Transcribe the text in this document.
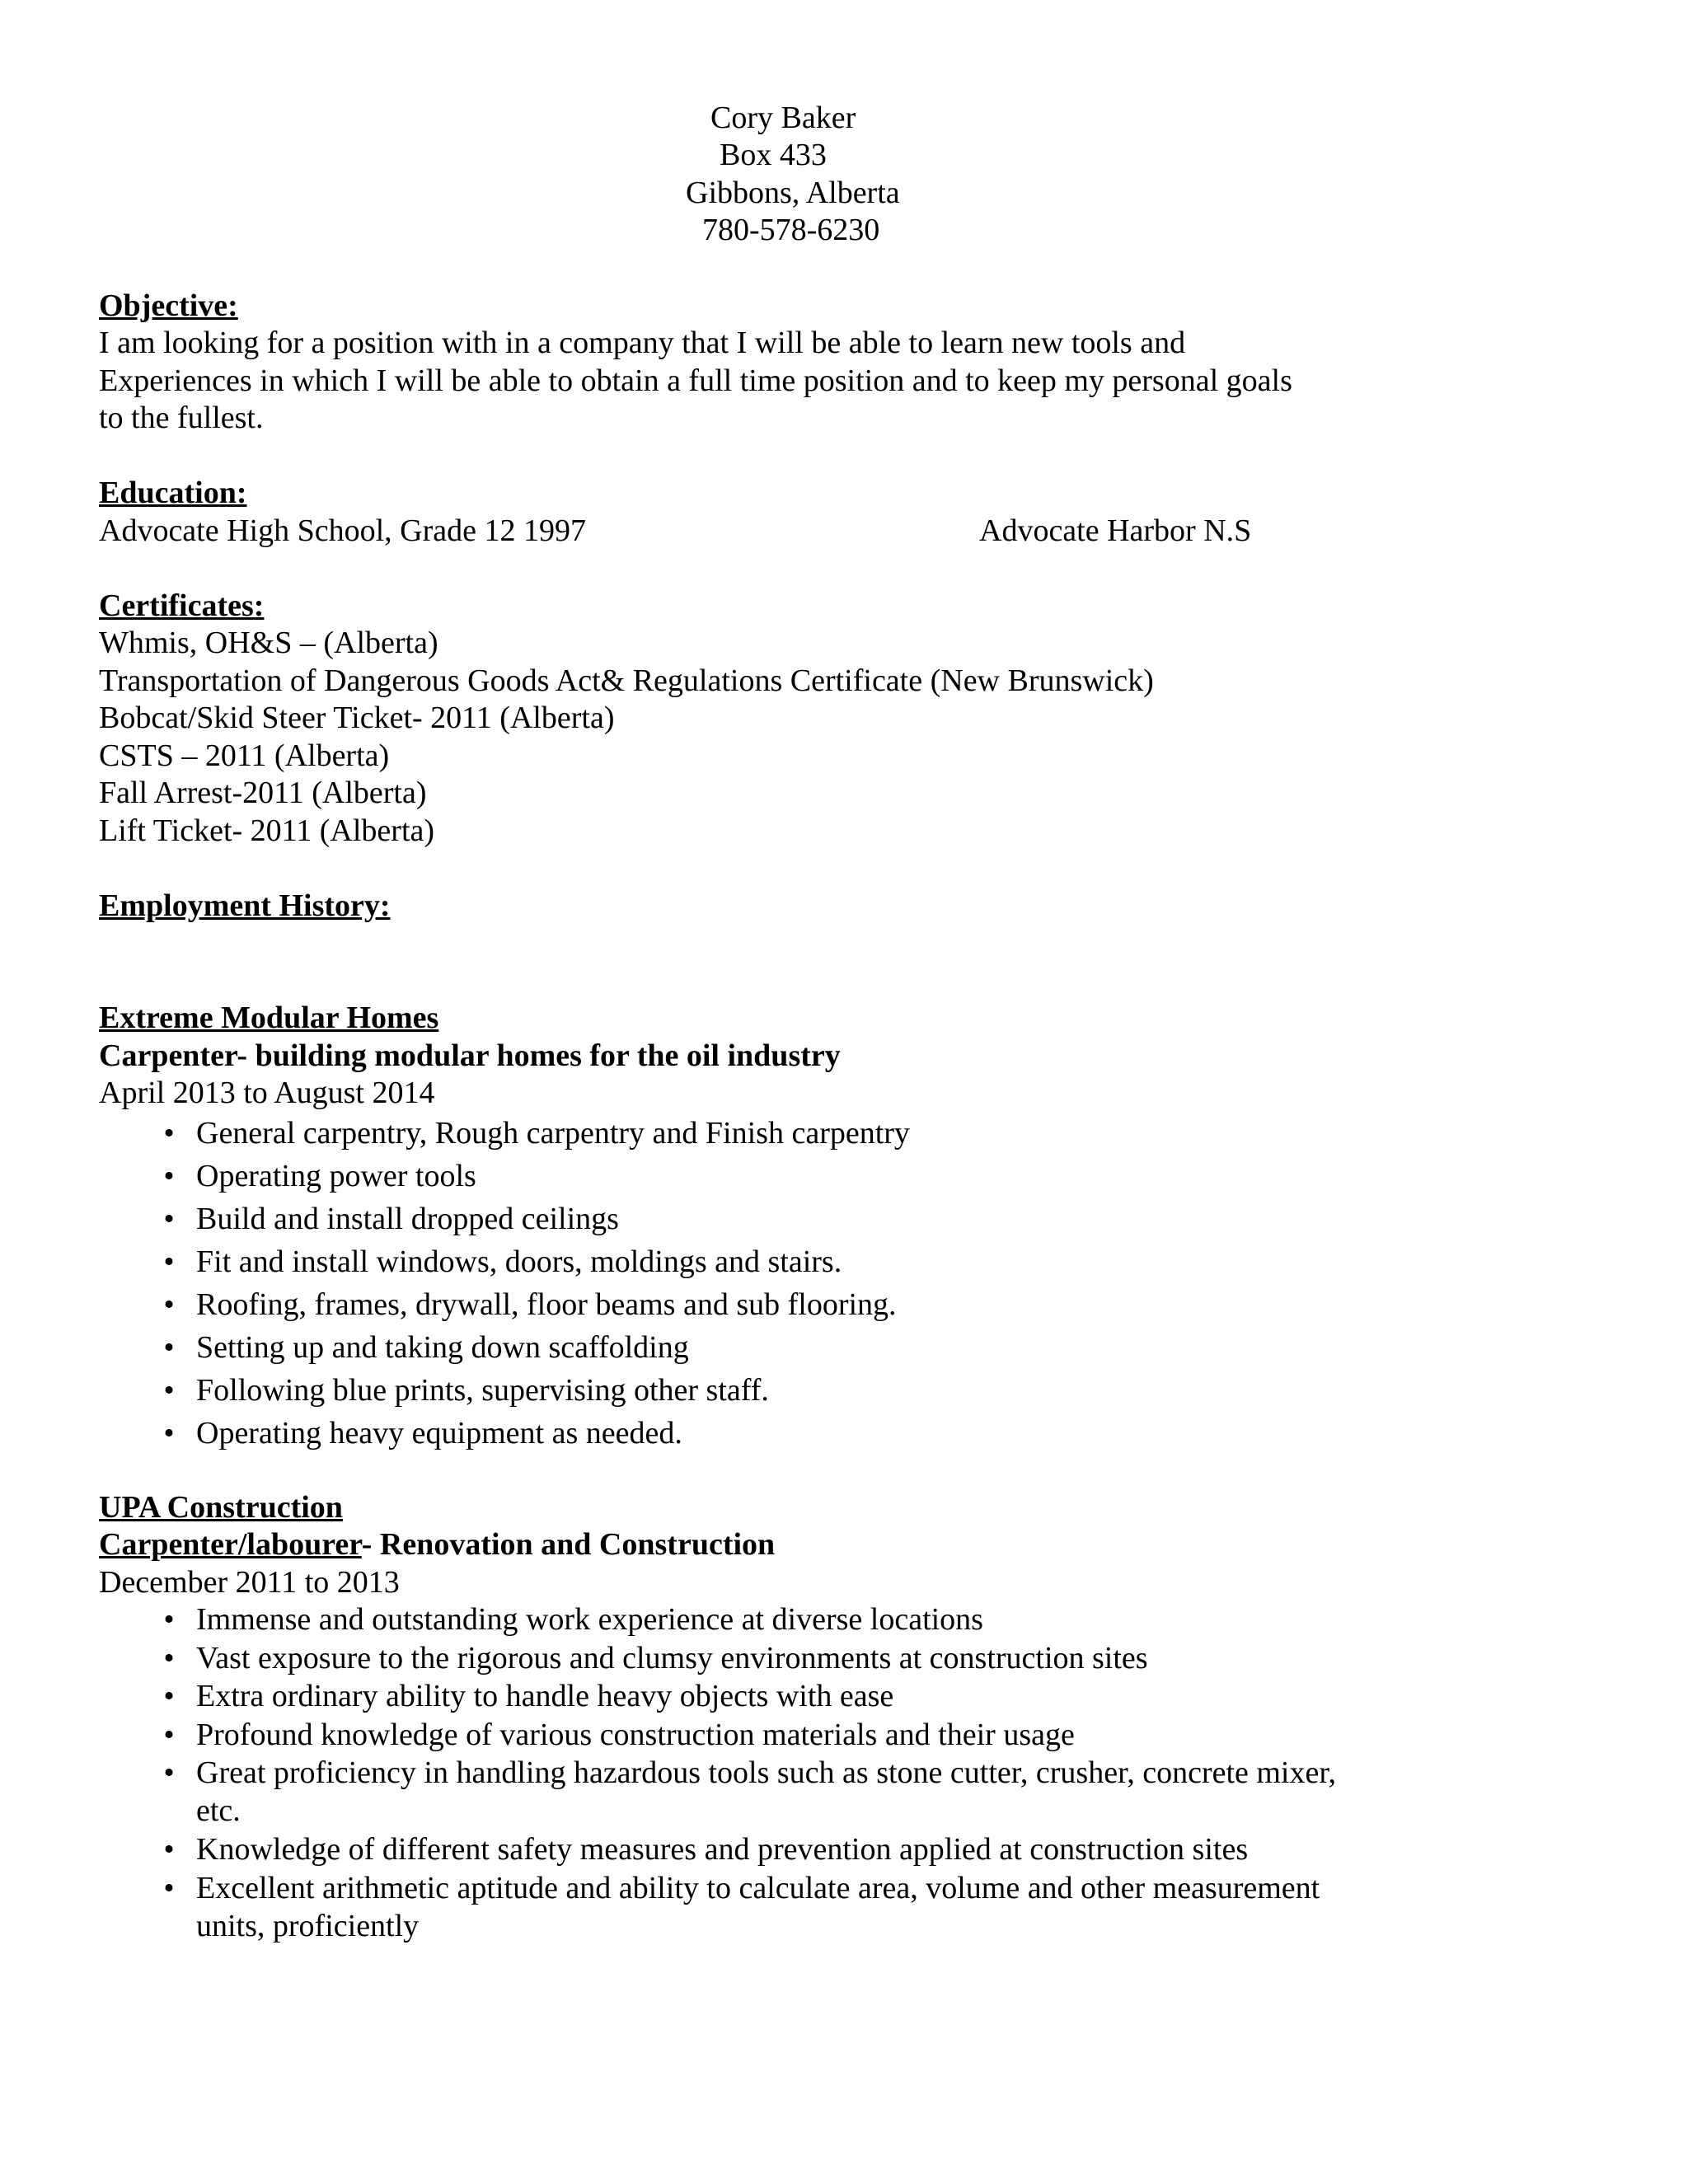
Cory Baker
Box 433
Gibbons, Alberta
780-578-6230
Objective:
I am looking for a position with in a company that I will be able to learn new tools and
Experiences in which I will be able to obtain a full time position and to keep my personal goals
to the fullest.
Education:
Advocate High School, Grade 12 1997	Advocate Harbor N.S
Certificates:
Whmis, OH&S – (Alberta)
Transportation of Dangerous Goods Act& Regulations Certificate (New Brunswick)
Bobcat/Skid Steer Ticket- 2011 (Alberta)
CSTS – 2011 (Alberta)
Fall Arrest-2011 (Alberta)
Lift Ticket- 2011 (Alberta)
Employment History:
Extreme Modular Homes
Carpenter- building modular homes for the oil industry
April 2013 to August 2014
• General carpentry, Rough carpentry and Finish carpentry
• Operating power tools
• Build and install dropped ceilings
• Fit and install windows, doors, moldings and stairs.
• Roofing, frames, drywall, floor beams and sub flooring.
• Setting up and taking down scaffolding
• Following blue prints, supervising other staff.
• Operating heavy equipment as needed.
UPA Construction
Carpenter/labourer- Renovation and Construction
December 2011 to 2013
• Immense and outstanding work experience at diverse locations
• Vast exposure to the rigorous and clumsy environments at construction sites
• Extra ordinary ability to handle heavy objects with ease
• Profound knowledge of various construction materials and their usage
• Great proficiency in handling hazardous tools such as stone cutter, crusher, concrete mixer,
etc.
• Knowledge of different safety measures and prevention applied at construction sites
• Excellent arithmetic aptitude and ability to calculate area, volume and other measurement
units, proficiently
